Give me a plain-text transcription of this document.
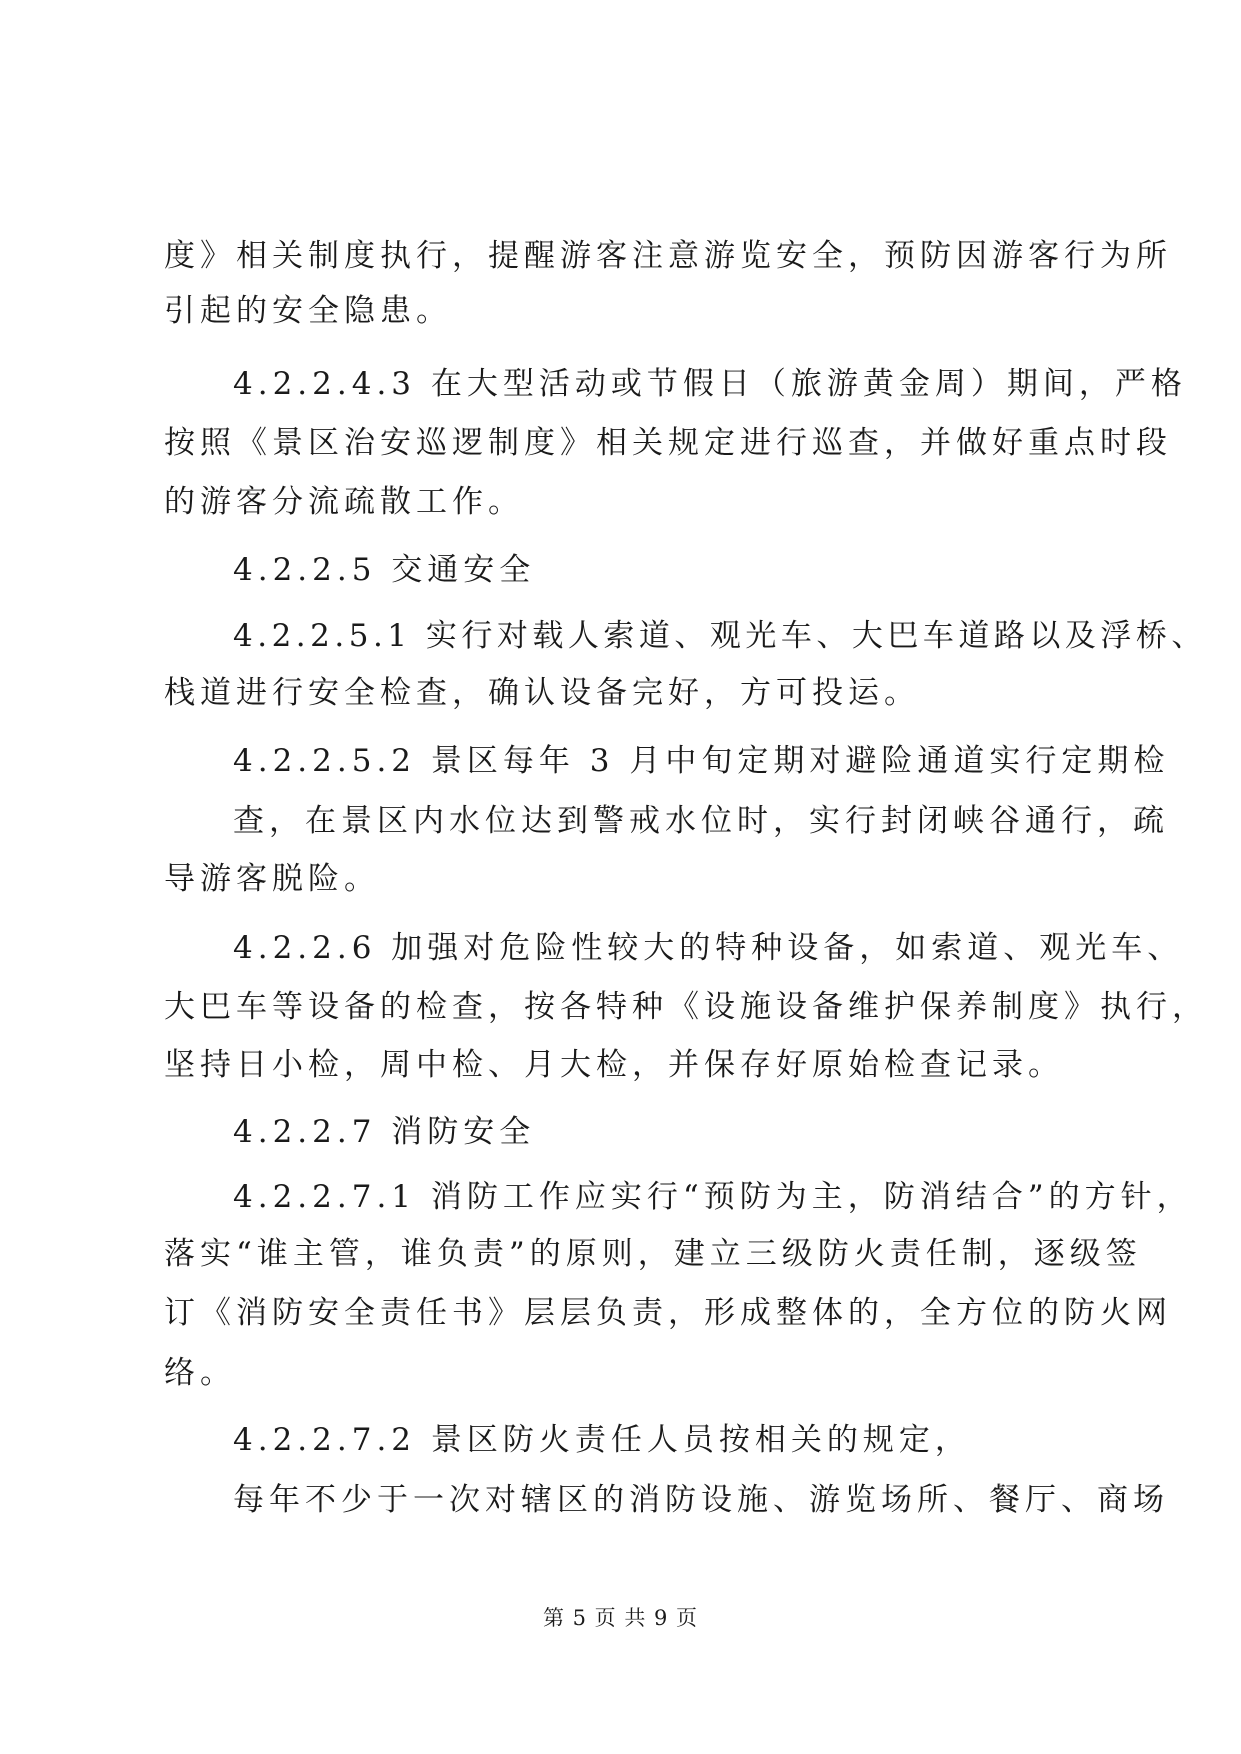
度》相关制度执行，提醒游客注意游览安全，预防因游客行为所
引起的安全隐患。
4.2.2.4.3 在大型活动或节假日（旅游黄金周）期间，严格
按照《景区治安巡逻制度》相关规定进行巡查，并做好重点时段
的游客分流疏散工作。
4.2.2.5 交通安全
4.2.2.5.1 实行对载人索道、观光车、大巴车道路以及浮桥、
栈道进行安全检查，确认设备完好，方可投运。
4.2.2.5.2 景区每年 3 月中旬定期对避险通道实行定期检
查，在景区内水位达到警戒水位时，实行封闭峡谷通行，疏
导游客脱险。
4.2.2.6 加强对危险性较大的特种设备，如索道、观光车、
大巴车等设备的检查，按各特种《设施设备维护保养制度》执行，
坚持日小检，周中检、月大检，并保存好原始检查记录。
4.2.2.7 消防安全
4.2.2.7.1 消防工作应实行“预防为主，防消结合”的方针，
落实“谁主管，谁负责”的原则，建立三级防火责任制，逐级签
订《消防安全责任书》层层负责，形成整体的，全方位的防火网
络。
4.2.2.7.2 景区防火责任人员按相关的规定，
每年不少于一次对辖区的消防设施、游览场所、餐厅、商场
第 5 页 共 9 页
